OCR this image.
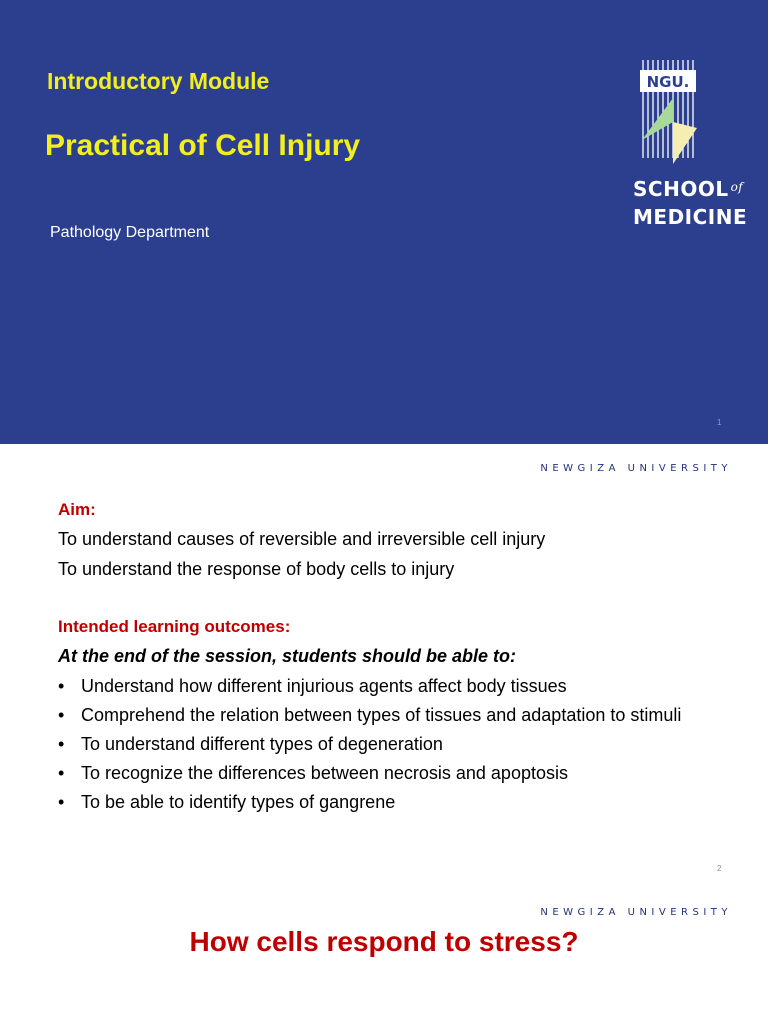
Introductory Module
Practical of Cell Injury
Pathology Department
NGU.
SCHOOL $^{of}$
MEDICINE
1
NEWGIZA UNIVERSITY
Aim:
To understand causes of reversible and irreversible cell injury
To understand the response of body cells to injury
Intended learning outcomes:
At the end of the session, students should be able to:
• Understand how different injurious agents affect body tissues
• Comprehend the relation between types of tissues and adaptation to stimuli
• To understand different types of degeneration
• To recognize the differences between necrosis and apoptosis
• To be able to identify types of gangrene
2
NEWGIZA UNIVERSITY
How cells respond to stress?
